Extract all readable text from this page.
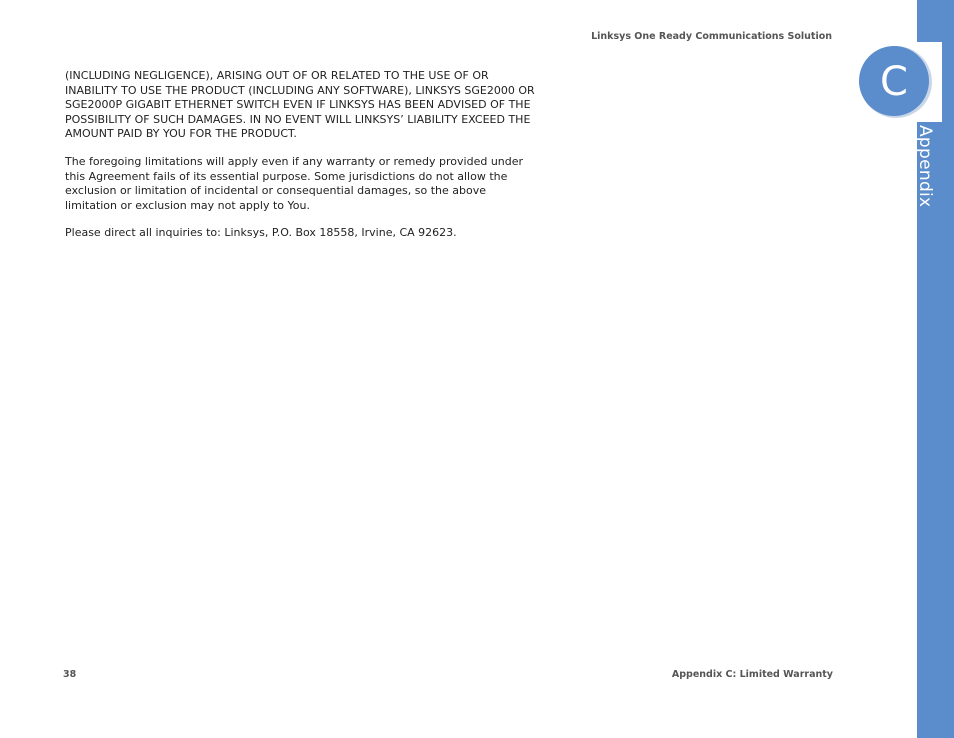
Linksys One Ready Communications Solution

(INCLUDING NEGLIGENCE), ARISING OUT OF OR RELATED TO THE USE OF OR INABILITY TO USE THE PRODUCT (INCLUDING ANY SOFTWARE), LINKSYS SGE2000 OR SGE2000P GIGABIT ETHERNET SWITCH EVEN IF LINKSYS HAS BEEN ADVISED OF THE POSSIBILITY OF SUCH DAMAGES. IN NO EVENT WILL LINKSYS’ LIABILITY EXCEED THE AMOUNT PAID BY YOU FOR THE PRODUCT.

The foregoing limitations will apply even if any warranty or remedy provided under this Agreement fails of its essential purpose. Some jurisdictions do not allow the exclusion or limitation of incidental or consequential damages, so the above limitation or exclusion may not apply to You.

Please direct all inquiries to: Linksys, P.O. Box 18558, Irvine, CA 92623.

C
Appendix
38	Appendix C: Limited Warranty
